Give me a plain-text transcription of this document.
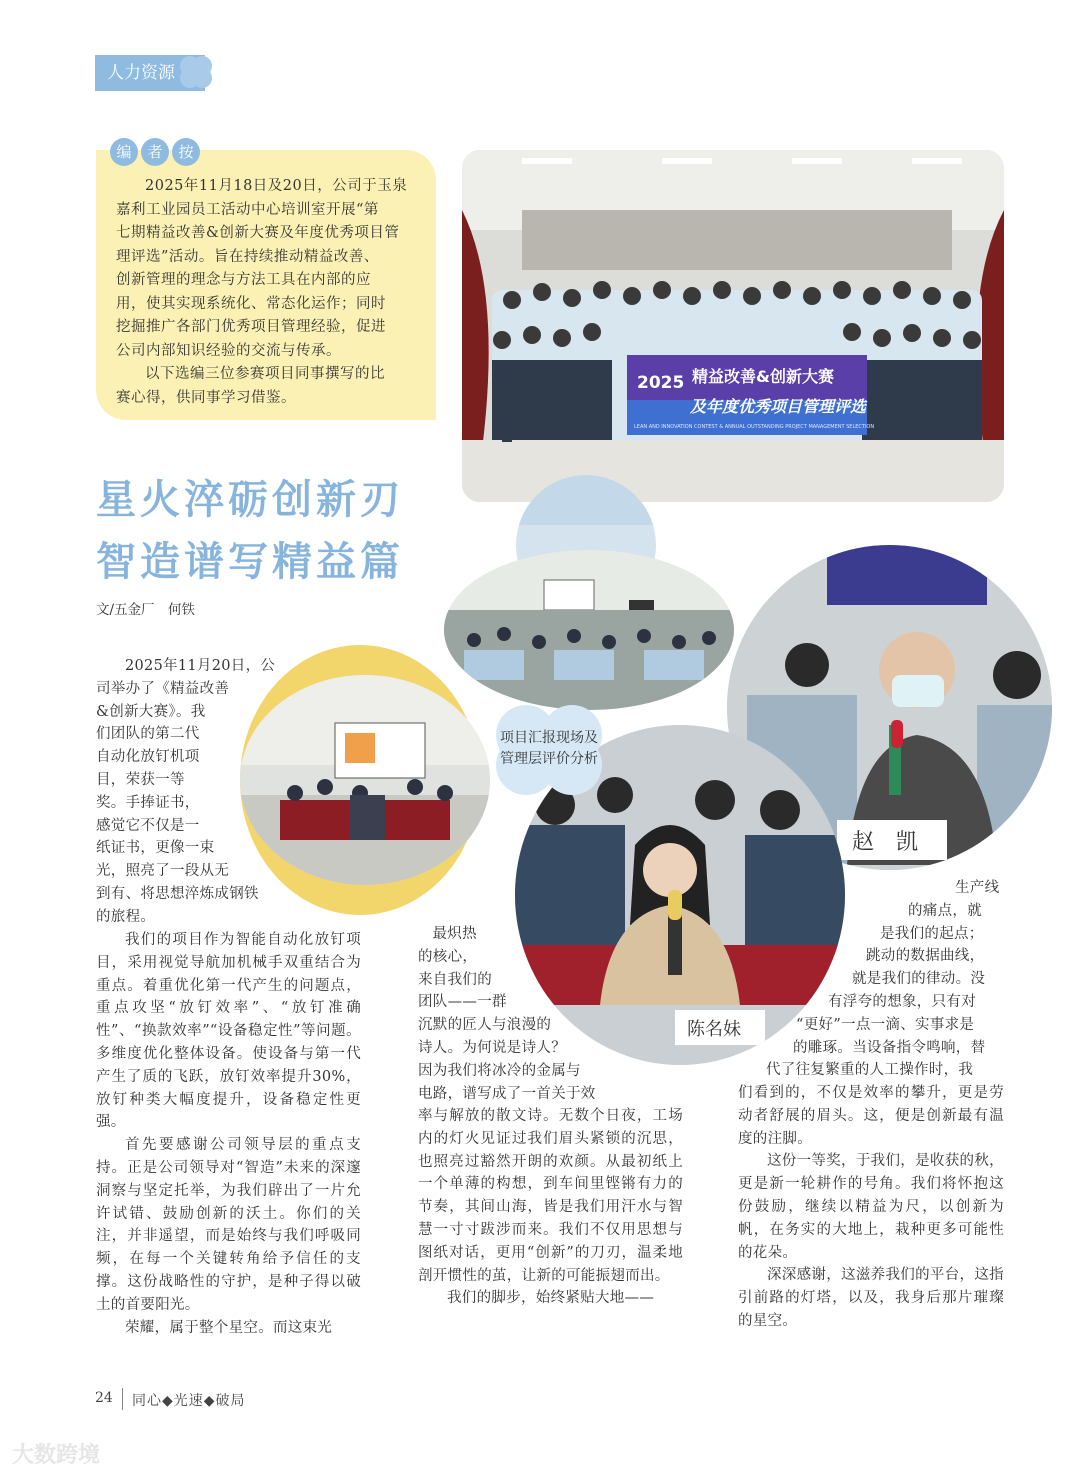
人力资源
编	者	按

2025年11月18日及20日，公司于玉泉
嘉利工业园员工活动中心培训室开展“第
七期精益改善&创新大赛及年度优秀项目管
理评选”活动。旨在持续推动精益改善、
创新管理的理念与方法工具在内部的应
用，使其实现系统化、常态化运作；同时
挖掘推广各部门优秀项目管理经验，促进
公司内部知识经验的交流与传承。

以下选编三位参赛项目同事撰写的比
赛心得，供同事学习借鉴。

2025 精益改善&创新大赛
及年度优秀项目管理评选
LEAN AND INNOVATION CONTEST & ANNUAL OUTSTANDING PROJECT MANAGEMENT SELECTION
星火淬砺创新刃
智造谱写精益篇
文/五金厂　何铁
赵　凯
陈名妹
项目汇报现场及
管理层评价分析
2025年11月20日，公
司举办了《精益改善
&创新大赛》。我
们团队的第二代
自动化放钉机项
目，荣获一等
奖。手捧证书，
感觉它不仅是一
纸证书，更像一束
光，照亮了一段从无
到有、将思想淬炼成钢铁
的旅程。

我们的项目作为智能自动化放钉项目，采用视觉导航加机械手双重结合为重点。着重优化第一代产生的问题点，重点攻坚“放钉效率”、“放钉准确性”、“换款效率”“设备稳定性”等问题。多维度优化整体设备。使设备与第一代产生了质的飞跃，放钉效率提升30%，放钉种类大幅度提升，设备稳定性更强。

首先要感谢公司领导层的重点支持。正是公司领导对“智造”未来的深邃洞察与坚定托举，为我们辟出了一片允许试错、鼓励创新的沃土。你们的关注，并非遥望，而是始终与我们呼吸同频，在每一个关键转角给予信任的支撑。这份战略性的守护，是种子得以破土的首要阳光。

荣耀，属于整个星空。而这束光

最炽热
的核心，
来自我们的
团队——一群
沉默的匠人与浪漫的
诗人。为何说是诗人？
因为我们将冰冷的金属与
电路，谱写成了一首关于效

率与解放的散文诗。无数个日夜，工场内的灯火见证过我们眉头紧锁的沉思，也照亮过豁然开朗的欢颜。从最初纸上一个单薄的构想，到车间里铿锵有力的节奏，其间山海，皆是我们用汗水与智慧一寸寸跋涉而来。我们不仅用思想与图纸对话，更用“创新”的刀刃，温柔地剖开惯性的茧，让新的可能振翅而出。

我们的脚步，始终紧贴大地——

生产线
的痛点，就
是我们的起点；
跳动的数据曲线，
就是我们的律动。没
有浮夸的想象，只有对
“更好”一点一滴、实事求是
的雕琢。当设备指令鸣响，替
代了往复繁重的人工操作时，我

们看到的，不仅是效率的攀升，更是劳动者舒展的眉头。这，便是创新最有温度的注脚。

这份一等奖，于我们，是收获的秋，更是新一轮耕作的号角。我们将怀抱这份鼓励，继续以精益为尺，以创新为帆，在务实的大地上，栽种更多可能性的花朵。

深深感谢，这滋养我们的平台，这指引前路的灯塔，以及，我身后那片璀璨的星空。

24 同心◆光速◆破局
大数跨境
